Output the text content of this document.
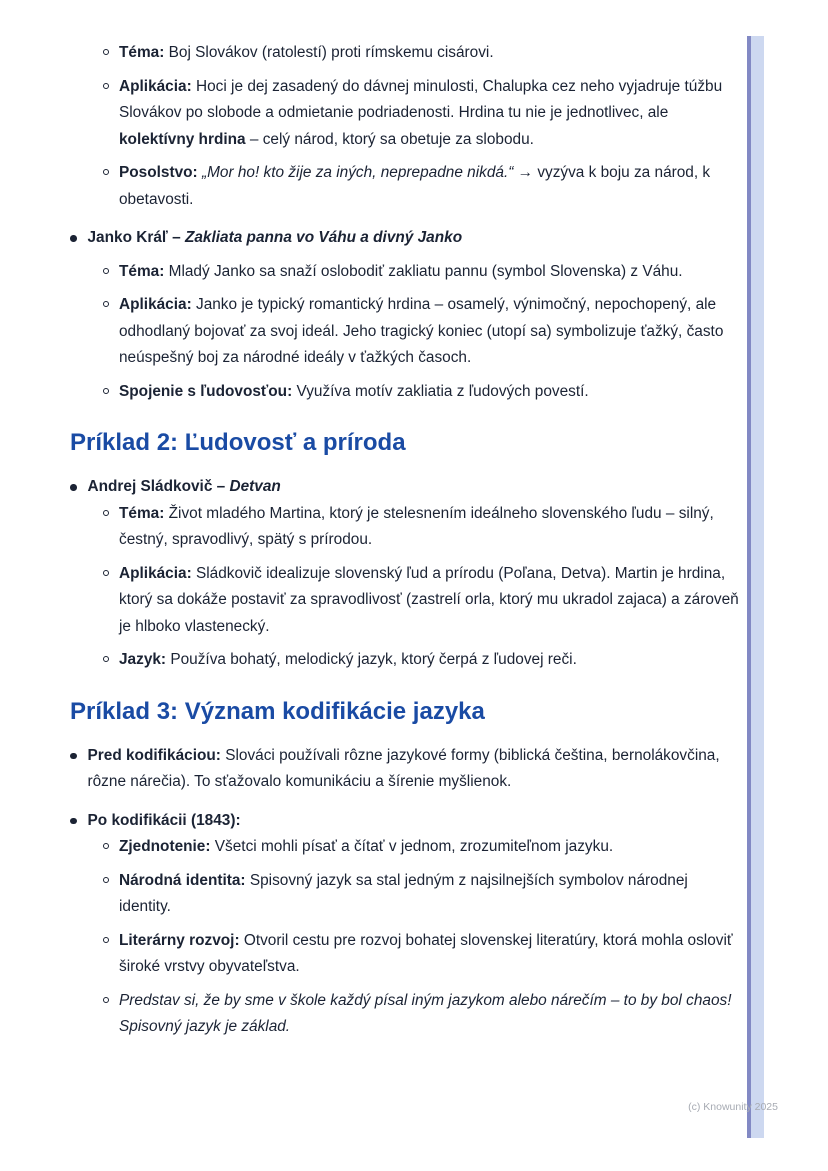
Téma: Boj Slovákov (ratolestí) proti rímskemu cisárovi.
Aplikácia: Hoci je dej zasadený do dávnej minulosti, Chalupka cez neho vyjadruje túžbu Slovákov po slobode a odmietanie podriadenosti. Hrdina tu nie je jednotlivec, ale kolektívny hrdina – celý národ, ktorý sa obetuje za slobodu.
Posolstvo: „Mor ho! kto žije za iných, neprepadne nikdá.“ → vyzýva k boju za národ, k obetavosti.
Janko Kráľ – Zakliata panna vo Váhu a divný Janko
Téma: Mladý Janko sa snaží oslobodiť zakliatu pannu (symbol Slovenska) z Váhu.
Aplikácia: Janko je typický romantický hrdina – osamelý, výnimočný, nepochopený, ale odhodlaný bojovať za svoj ideál. Jeho tragický koniec (utopí sa) symbolizuje ťažký, často neúspešný boj za národné ideály v ťažkých časoch.
Spojenie s ľudovosťou: Využíva motív zakliatia z ľudových povestí.
Príklad 2: Ľudovosť a príroda
Andrej Sládkovič – Detvan
Téma: Život mladého Martina, ktorý je stelesnením ideálneho slovenského ľudu – silný, čestný, spravodlivý, spätý s prírodou.
Aplikácia: Sládkovič idealizuje slovenský ľud a prírodu (Poľana, Detva). Martin je hrdina, ktorý sa dokáže postaviť za spravodlivosť (zastrelí orla, ktorý mu ukradol zajaca) a zároveň je hlboko vlastenecký.
Jazyk: Používa bohatý, melodický jazyk, ktorý čerpá z ľudovej reči.
Príklad 3: Význam kodifikácie jazyka
Pred kodifikáciou: Slováci používali rôzne jazykové formy (biblická čeština, bernolákovčina, rôzne nárečia). To sťažovalo komunikáciu a šírenie myšlienok.
Po kodifikácii (1843):
Zjednotenie: Všetci mohli písať a čítať v jednom, zrozumiteľnom jazyku.
Národná identita: Spisovný jazyk sa stal jedným z najsilnejších symbolov národnej identity.
Literárny rozvoj: Otvoril cestu pre rozvoj bohatej slovenskej literatúry, ktorá mohla osloviť široké vrstvy obyvateľstva.
Predstav si, že by sme v škole každý písal iným jazykom alebo nárečím – to by bol chaos! Spisovný jazyk je základ.
(c) Knowunity 2025
